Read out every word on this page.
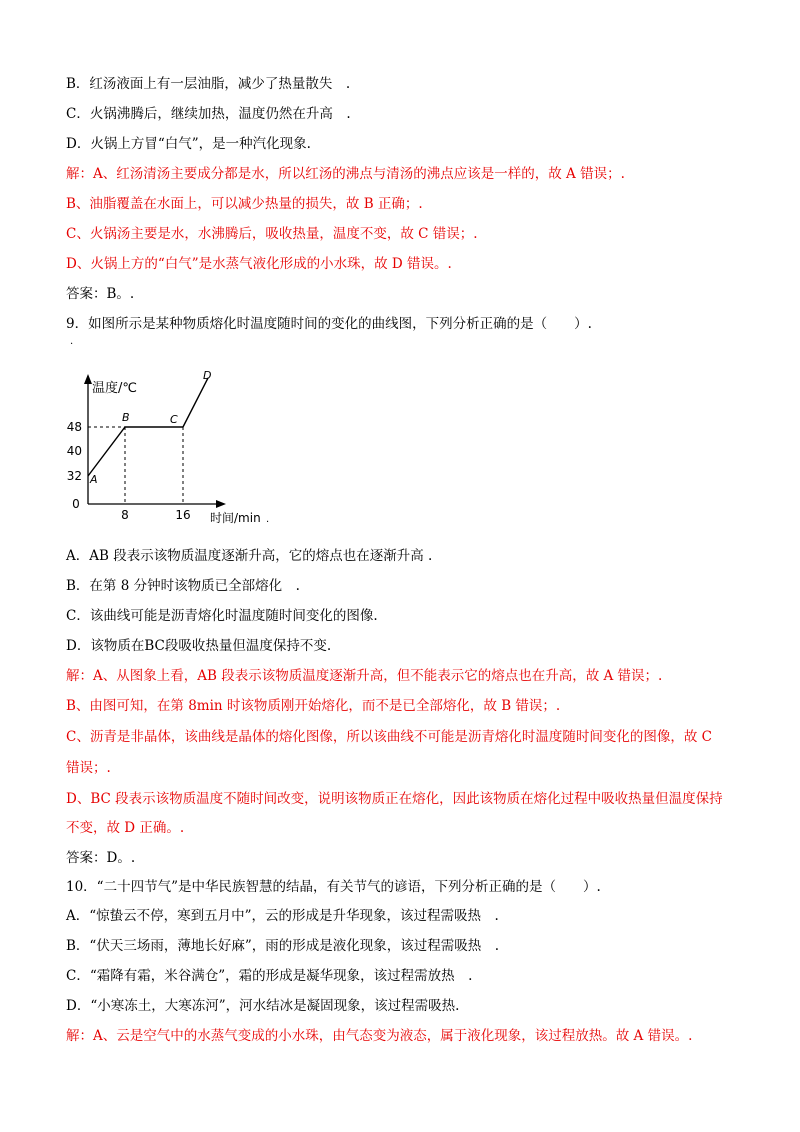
B．红汤液面上有一层油脂，减少了热量散失　.
C．火锅沸腾后，继续加热，温度仍然在升高　.
D．火锅上方冒“白气”，是一种汽化现象.
解：A、红汤清汤主要成分都是水，所以红汤的沸点与清汤的沸点应该是一样的，故 A 错误；.
B、油脂覆盖在水面上，可以减少热量的损失，故 B 正确；.
C、火锅汤主要是水，水沸腾后，吸收热量，温度不变，故 C 错误；.
D、火锅上方的“白气”是水蒸气液化形成的小水珠，故 D 错误。.
答案：B。.
9．如图所示是某种物质熔化时温度随时间的变化的曲线图，下列分析正确的是（　　）.
.
48
40
32
0
8	16
A
B	C
D
温度/℃
时间/min .
A．AB 段表示该物质温度逐渐升高，它的熔点也在逐渐升高 .
B．在第 8 分钟时该物质已全部熔化　.
C．该曲线可能是沥青熔化时温度随时间变化的图像.
D．该物质在BC段吸收热量但温度保持不变.
解：A、从图象上看，AB 段表示该物质温度逐渐升高，但不能表示它的熔点也在升高，故 A 错误；.
B、由图可知，在第 8min 时该物质刚开始熔化，而不是已全部熔化，故 B 错误；.
C、沥青是非晶体，该曲线是晶体的熔化图像，所以该曲线不可能是沥青熔化时温度随时间变化的图像，故 C
错误；.
D、BC 段表示该物质温度不随时间改变，说明该物质正在熔化，因此该物质在熔化过程中吸收热量但温度保持
不变，故 D 正确。.
答案：D。.
10．“二十四节气”是中华民族智慧的结晶，有关节气的谚语，下列分析正确的是（　　）.
A．“惊蛰云不停，寒到五月中”，云的形成是升华现象，该过程需吸热　.
B．“伏天三场雨，薄地长好麻”，雨的形成是液化现象，该过程需吸热　.
C．“霜降有霜，米谷满仓”，霜的形成是凝华现象，该过程需放热　.
D．“小寒冻土，大寒冻河”，河水结冰是凝固现象，该过程需吸热.
解：A、云是空气中的水蒸气变成的小水珠，由气态变为液态，属于液化现象，该过程放热。故 A 错误。.
